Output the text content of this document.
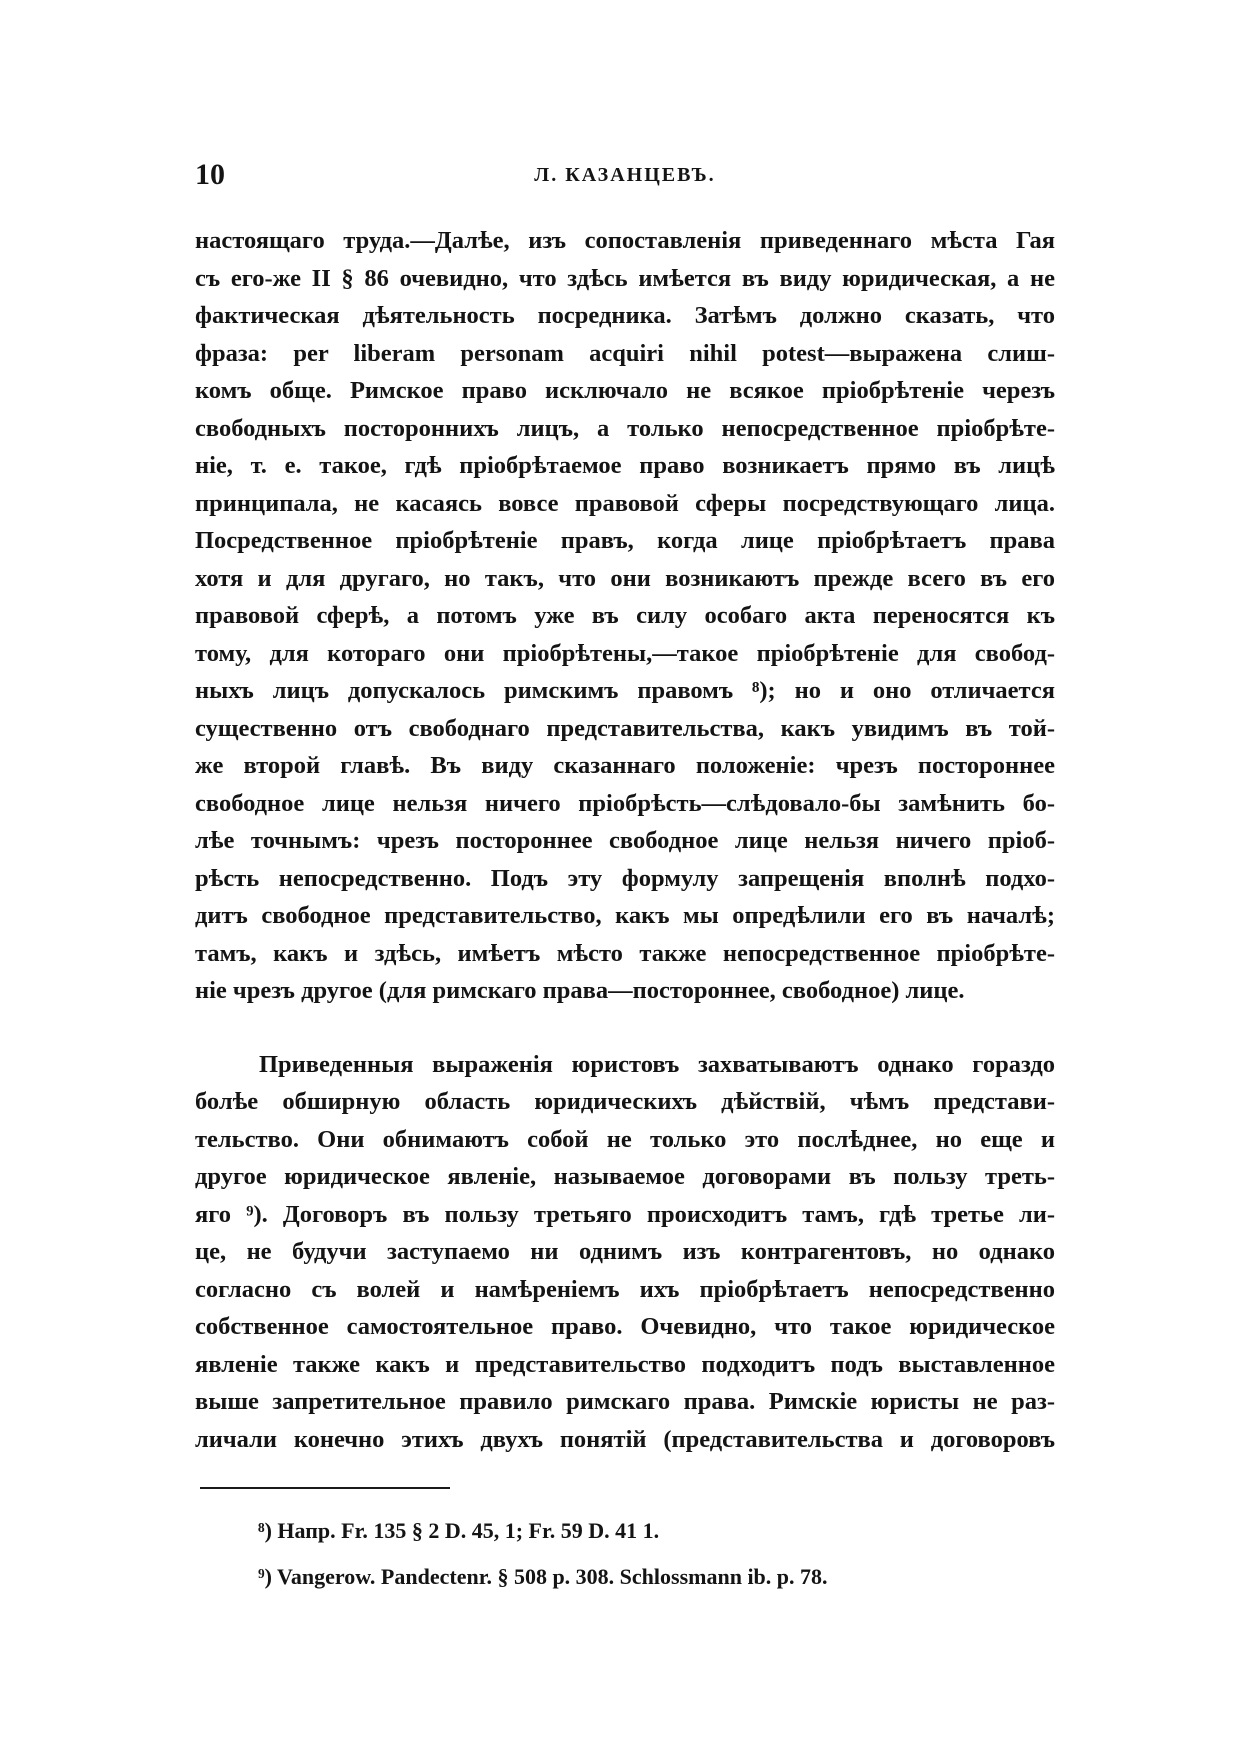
10	Л. КАЗАНЦЕВЪ.
настоящаго труда.—Далѣе, изъ сопоставленія приведеннаго мѣста Гая
съ его-же II § 86 очевидно, что здѣсь имѣется въ виду юридическая, а не
фактическая дѣятельность посредника. Затѣмъ должно сказать, что
фраза: per liberam personam acquiri nihil potest—выражена слиш-
комъ обще. Римское право исключало не всякое пріобрѣтеніе черезъ
свободныхъ постороннихъ лицъ, а только непосредственное пріобрѣте-
ніе, т. е. такое, гдѣ пріобрѣтаемое право возникаетъ прямо въ лицѣ
принципала, не касаясь вовсе правовой сферы посредствующаго лица.
Посредственное пріобрѣтеніе правъ, когда лице пріобрѣтаетъ права
хотя и для другаго, но такъ, что они возникаютъ прежде всего въ его
правовой сферѣ, а потомъ уже въ силу особаго акта переносятся къ
тому, для котораго они пріобрѣтены,—такое пріобрѣтеніе для свобод-
ныхъ лицъ допускалось римскимъ правомъ ⁸); но и оно отличается
существенно отъ свободнаго представительства, какъ увидимъ въ той-
же второй главѣ. Въ виду сказаннаго положеніе: чрезъ постороннее
свободное лице нельзя ничего пріобрѣсть—слѣдовало-бы замѣнить бо-
лѣе точнымъ: чрезъ постороннее свободное лице нельзя ничего пріоб-
рѣсть непосредственно. Подъ эту формулу запрещенія вполнѣ подхо-
дитъ свободное представительство, какъ мы опредѣлили его въ началѣ;
тамъ, какъ и здѣсь, имѣетъ мѣсто также непосредственное пріобрѣте-
ніе чрезъ другое (для римскаго права—постороннее, свободное) лице.
Приведенныя выраженія юристовъ захватываютъ однако гораздо
болѣе обширную область юридическихъ дѣйствій, чѣмъ представи-
тельство. Они обнимаютъ собой не только это послѣднее, но еще и
другое юридическое явленіе, называемое договорами въ пользу треть-
яго ⁹). Договоръ въ пользу третьяго происходитъ тамъ, гдѣ третье ли-
це, не будучи заступаемо ни однимъ изъ контрагентовъ, но однако
согласно съ волей и намѣреніемъ ихъ пріобрѣтаетъ непосредственно
собственное самостоятельное право. Очевидно, что такое юридическое
явленіе также какъ и представительство подходитъ подъ выставленное
выше запретительное правило римскаго права. Римскіе юристы не раз-
личали конечно этихъ двухъ понятій (представительства и договоровъ
⁸) Напр. Fr. 135 § 2 D. 45, 1; Fr. 59 D. 41 1.
⁹) Vangerow. Pandectenr. § 508 p. 308. Schlossmann ib. p. 78.
